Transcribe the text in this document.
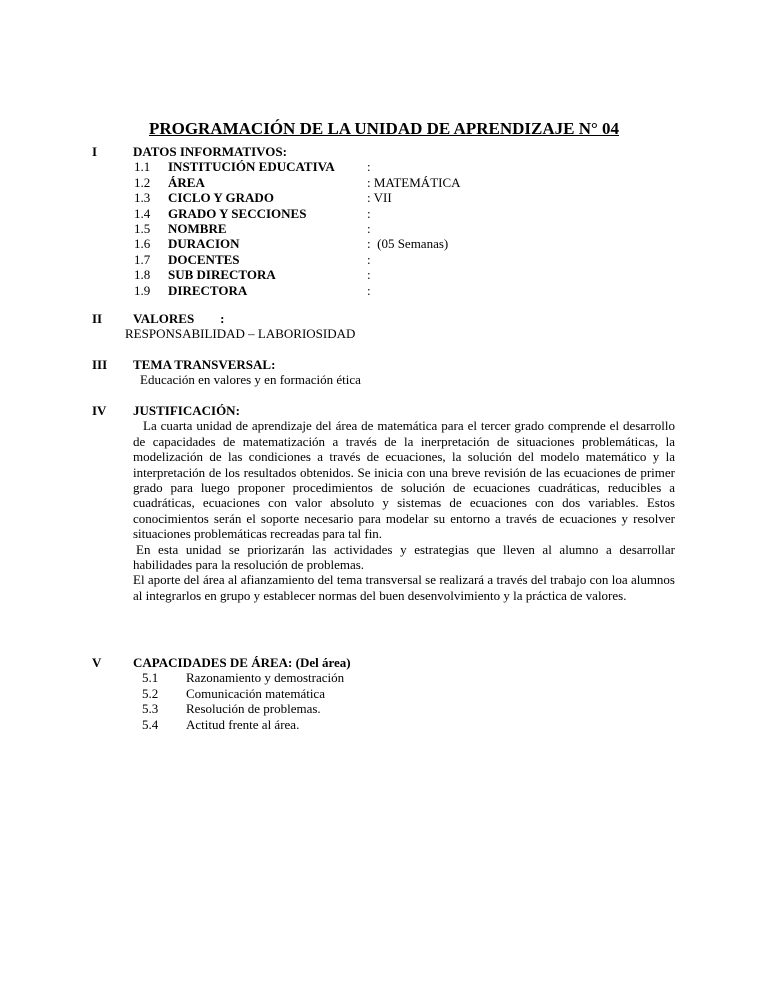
PROGRAMACIÓN DE LA UNIDAD DE APRENDIZAJE N° 04
I	DATOS INFORMATIVOS:
1.1 INSTITUCIÓN EDUCATIVA :
1.2 ÁREA	: MATEMÁTICA
1.3 CICLO Y GRADO	: VII
1.4 GRADO Y SECCIONES	:
1.5 NOMBRE	:
1.6 DURACION	:  (05 Semanas)
1.7 DOCENTES	:
1.8 SUB DIRECTORA	:
1.9 DIRECTORA	:
II VALORES        :
RESPONSABILIDAD – LABORIOSIDAD
III TEMA TRANSVERSAL:
Educación en valores y en formación ética
IV JUSTIFICACIÓN:
La cuarta unidad de aprendizaje del área de matemática para el tercer grado comprende el desarrollo de capacidades de matematización a través de la inerpretación de situaciones problemáticas, la modelización de las condiciones a través de ecuaciones, la solución del modelo matemático y la interpretación de los resultados obtenidos. Se inicia con una breve revisión de las ecuaciones de primer grado para luego proponer procedimientos de solución de ecuaciones cuadráticas, reducibles a cuadráticas, ecuaciones con valor absoluto y sistemas de ecuaciones con dos variables. Estos conocimientos serán el soporte necesario para modelar su entorno a través de ecuaciones y resolver situaciones problemáticas recreadas para tal fin.
En esta unidad se priorizarán las actividades y estrategias que lleven al alumno a desarrollar habilidades para la resolución de problemas.
El aporte del área al afianzamiento del tema transversal se realizará a través del trabajo con loa alumnos al integrarlos en grupo y establecer normas del buen desenvolvimiento y la práctica de valores.
V CAPACIDADES DE ÁREA: (Del área)
5.1 Razonamiento y demostración
5.2 Comunicación matemática
5.3 Resolución de problemas.
5.4 Actitud frente al área.
